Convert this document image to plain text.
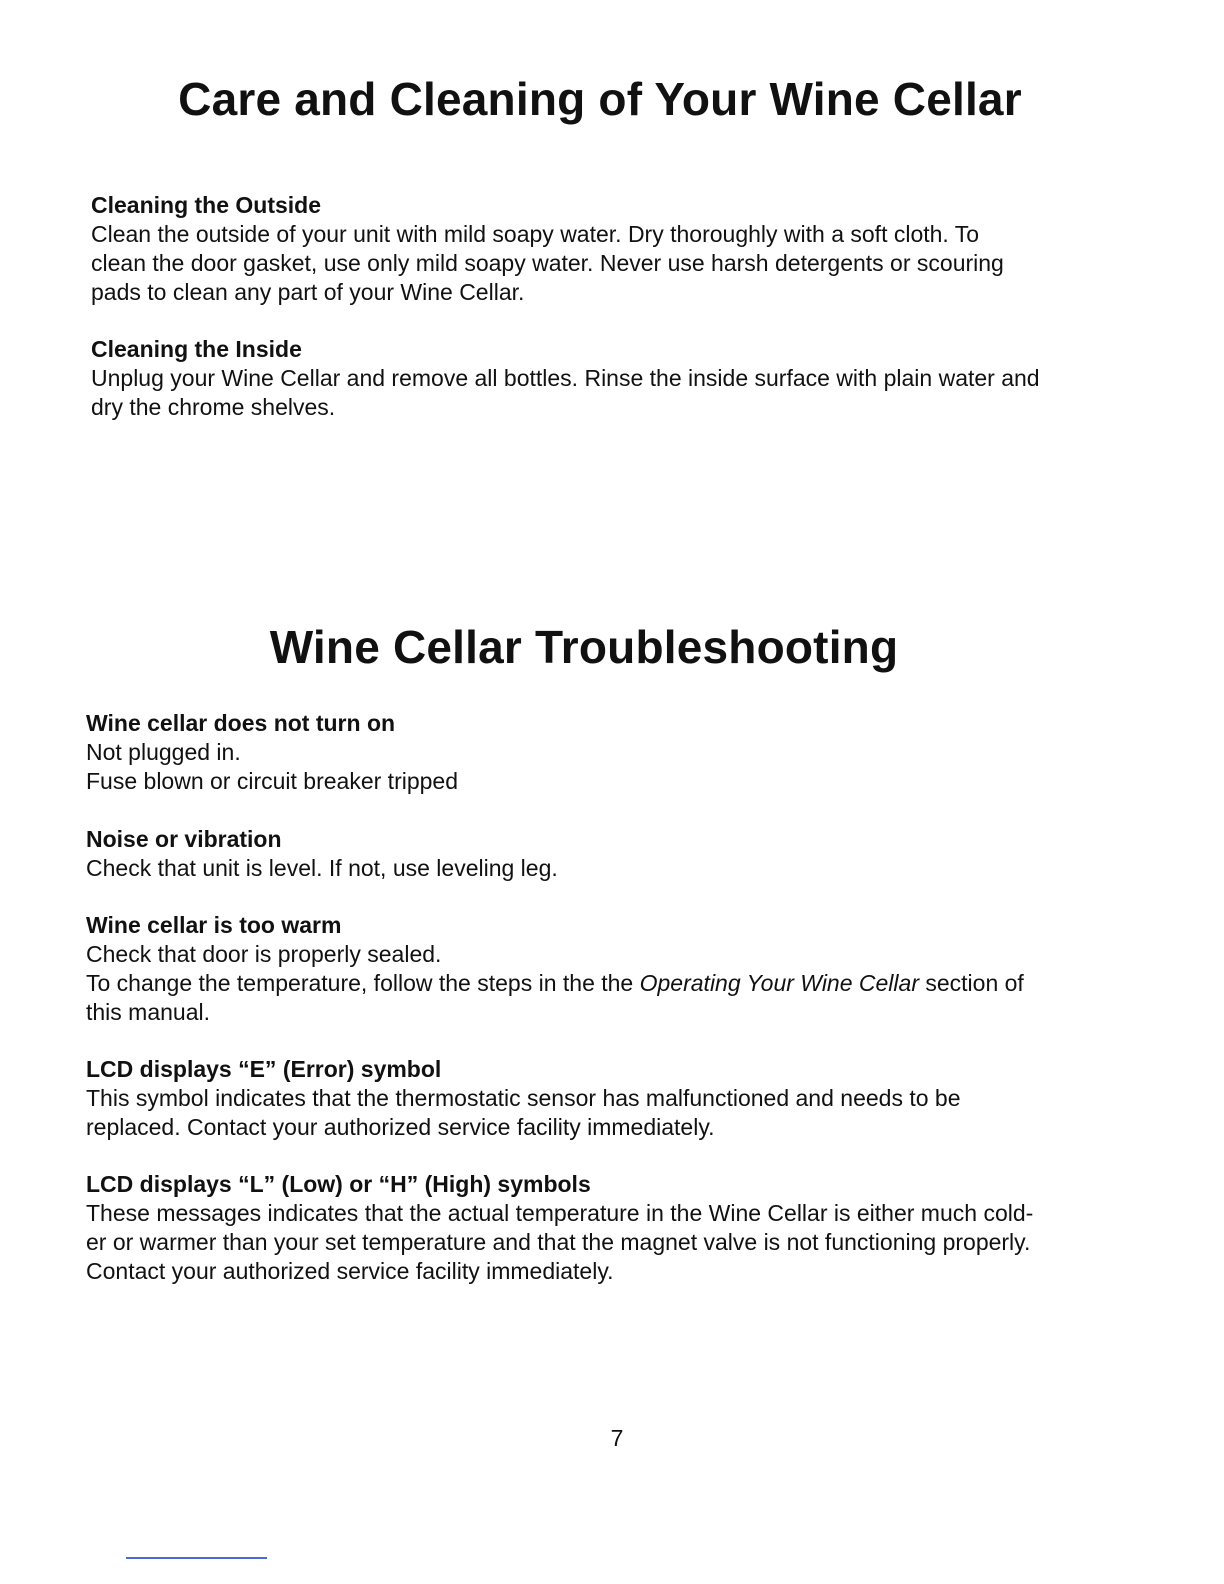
Care and Cleaning of Your Wine Cellar
Cleaning the Outside

Clean the outside of your unit with mild soapy water. Dry thoroughly with a soft cloth. To

clean the door gasket, use only mild soapy water. Never use harsh detergents or scouring

pads to clean any part of your Wine Cellar.

Cleaning the Inside

Unplug your Wine Cellar and remove all bottles. Rinse the inside surface with plain water and

dry the chrome shelves.

Wine Cellar Troubleshooting
Wine cellar does not turn on

Not plugged in.

Fuse blown or circuit breaker tripped

Noise or vibration

Check that unit is level. If not, use leveling leg.

Wine cellar is too warm

Check that door is properly sealed.

To change the temperature, follow the steps in the the Operating Your Wine Cellar section of

this manual.

LCD displays “E” (Error) symbol

This symbol indicates that the thermostatic sensor has malfunctioned and needs to be

replaced. Contact your authorized service facility immediately.

LCD displays “L” (Low) or “H” (High) symbols

These messages indicates that the actual temperature in the Wine Cellar is either much cold-

er or warmer than your set temperature and that the magnet valve is not functioning properly.

Contact your authorized service facility immediately.

7
